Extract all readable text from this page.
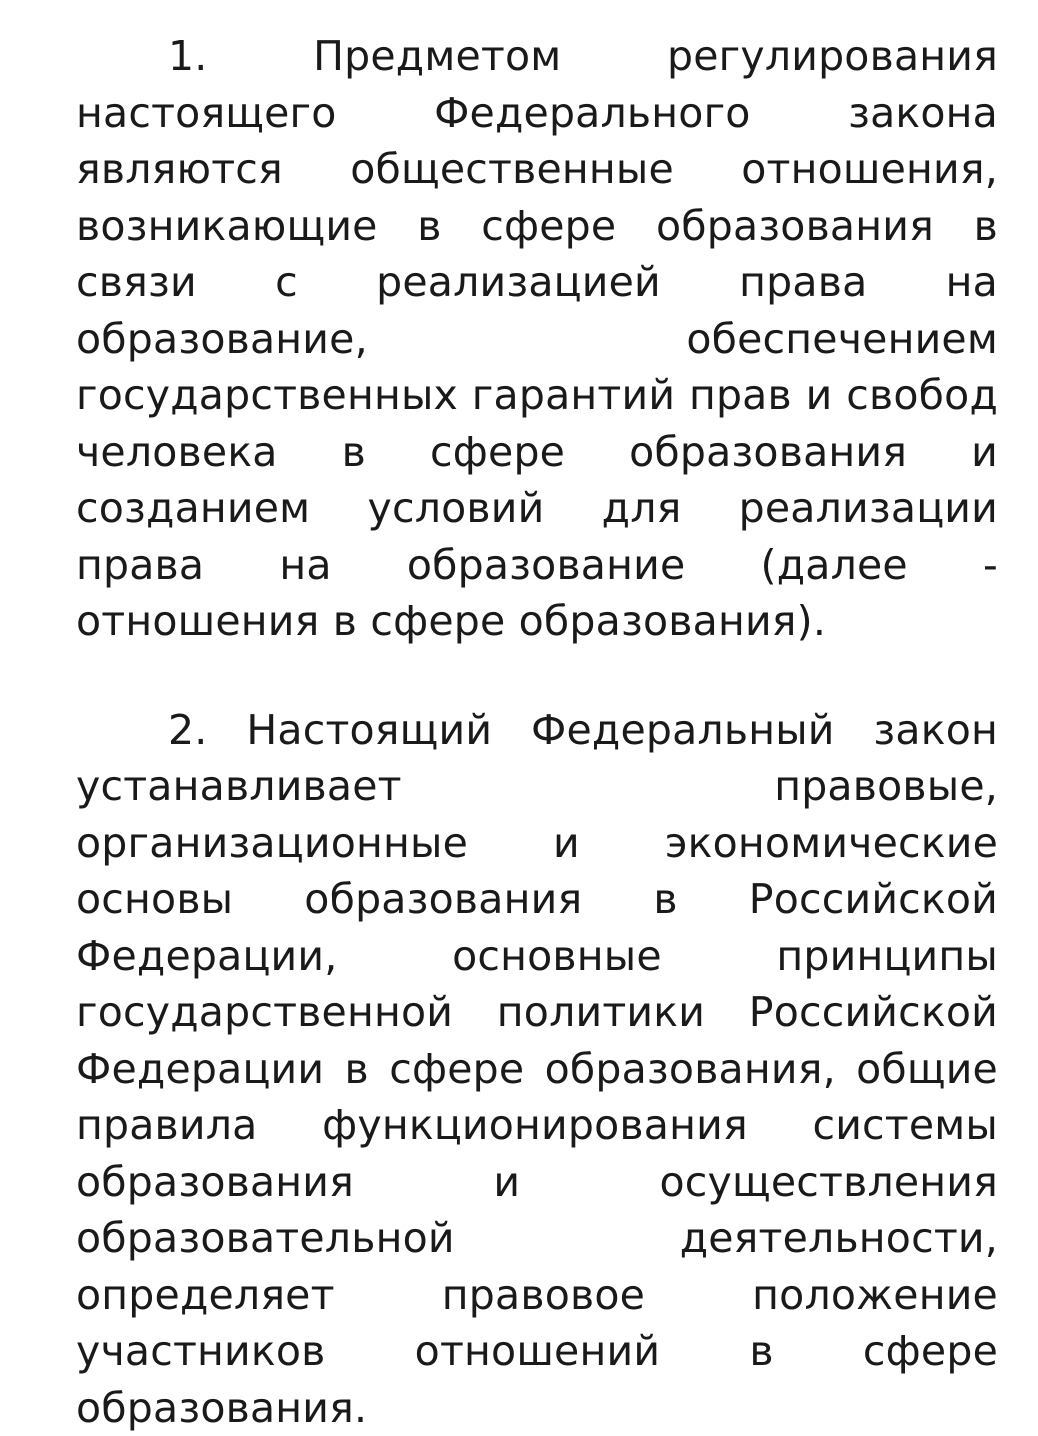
1.	Предметом регулирования настоящего Федерального закона являются общественные отношения, возникающие в сфере образования в связи с реализацией права на образование, обеспечением государственных гарантий прав и свобод человека в сфере образования и созданием условий для реализации права на образование (далее - отношения в сфере образования).

2. Настоящий Федеральный закон устанавливает правовые, организационные и экономические основы образования в Российской Федерации, основные принципы государственной политики Российской Федерации в сфере образования, общие правила функционирования системы образования и осуществления образовательной деятельности, определяет правовое положение участников отношений в сфере образования.
